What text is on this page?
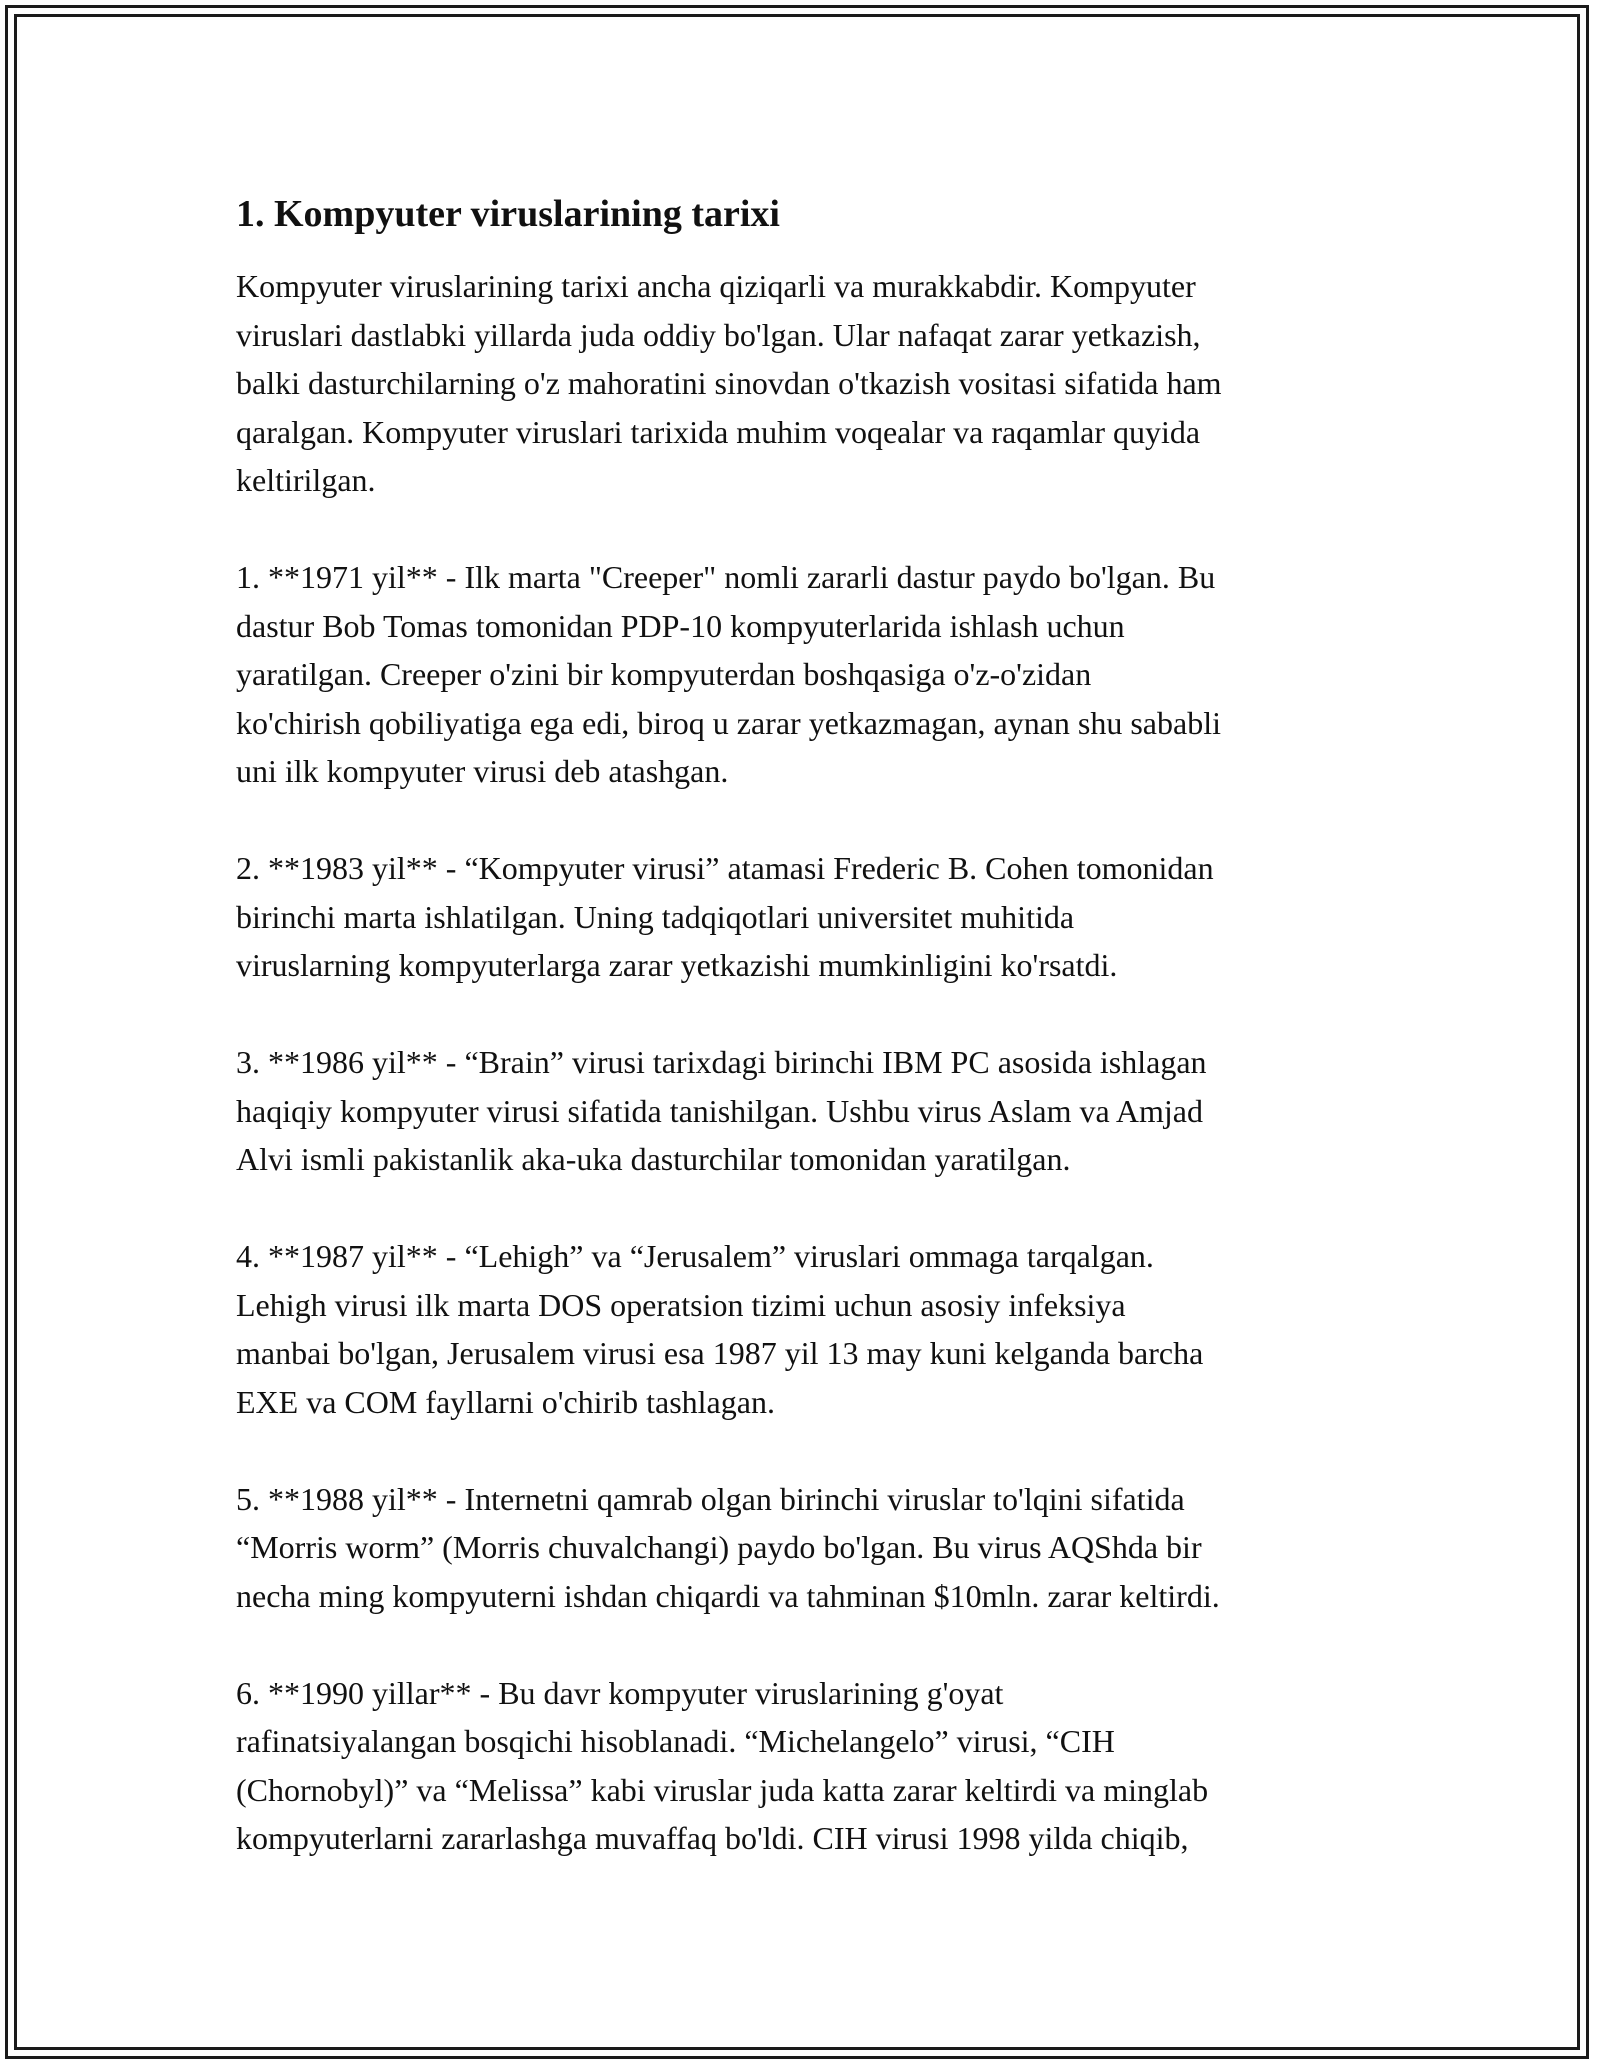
1. Kompyuter viruslarining tarixi

Kompyuter viruslarining tarixi ancha qiziqarli va murakkabdir. Kompyuter
viruslari dastlabki yillarda juda oddiy bo'lgan. Ular nafaqat zarar yetkazish,
balki dasturchilarning o'z mahoratini sinovdan o'tkazish vositasi sifatida ham
qaralgan. Kompyuter viruslari tarixida muhim voqealar va raqamlar quyida
keltirilgan.

1. **1971 yil** - Ilk marta "Creeper" nomli zararli dastur paydo bo'lgan. Bu
dastur Bob Tomas tomonidan PDP-10 kompyuterlarida ishlash uchun
yaratilgan. Creeper o'zini bir kompyuterdan boshqasiga o'z-o'zidan
ko'chirish qobiliyatiga ega edi, biroq u zarar yetkazmagan, aynan shu sababli
uni ilk kompyuter virusi deb atashgan.

2. **1983 yil** - “Kompyuter virusi” atamasi Frederic B. Cohen tomonidan
birinchi marta ishlatilgan. Uning tadqiqotlari universitet muhitida
viruslarning kompyuterlarga zarar yetkazishi mumkinligini ko'rsatdi.

3. **1986 yil** - “Brain” virusi tarixdagi birinchi IBM PC asosida ishlagan
haqiqiy kompyuter virusi sifatida tanishilgan. Ushbu virus Aslam va Amjad
Alvi ismli pakistanlik aka-uka dasturchilar tomonidan yaratilgan.

4. **1987 yil** - “Lehigh” va “Jerusalem” viruslari ommaga tarqalgan.
Lehigh virusi ilk marta DOS operatsion tizimi uchun asosiy infeksiya
manbai bo'lgan, Jerusalem virusi esa 1987 yil 13 may kuni kelganda barcha
EXE va COM fayllarni o'chirib tashlagan.

5. **1988 yil** - Internetni qamrab olgan birinchi viruslar to'lqini sifatida
“Morris worm” (Morris chuvalchangi) paydo bo'lgan. Bu virus AQShda bir
necha ming kompyuterni ishdan chiqardi va tahminan $10mln. zarar keltirdi.

6. **1990 yillar** - Bu davr kompyuter viruslarining g'oyat
rafinatsiyalangan bosqichi hisoblanadi. “Michelangelo” virusi, “CIH
(Chornobyl)” va “Melissa” kabi viruslar juda katta zarar keltirdi va minglab
kompyuterlarni zararlashga muvaffaq bo'ldi. CIH virusi 1998 yilda chiqib,
